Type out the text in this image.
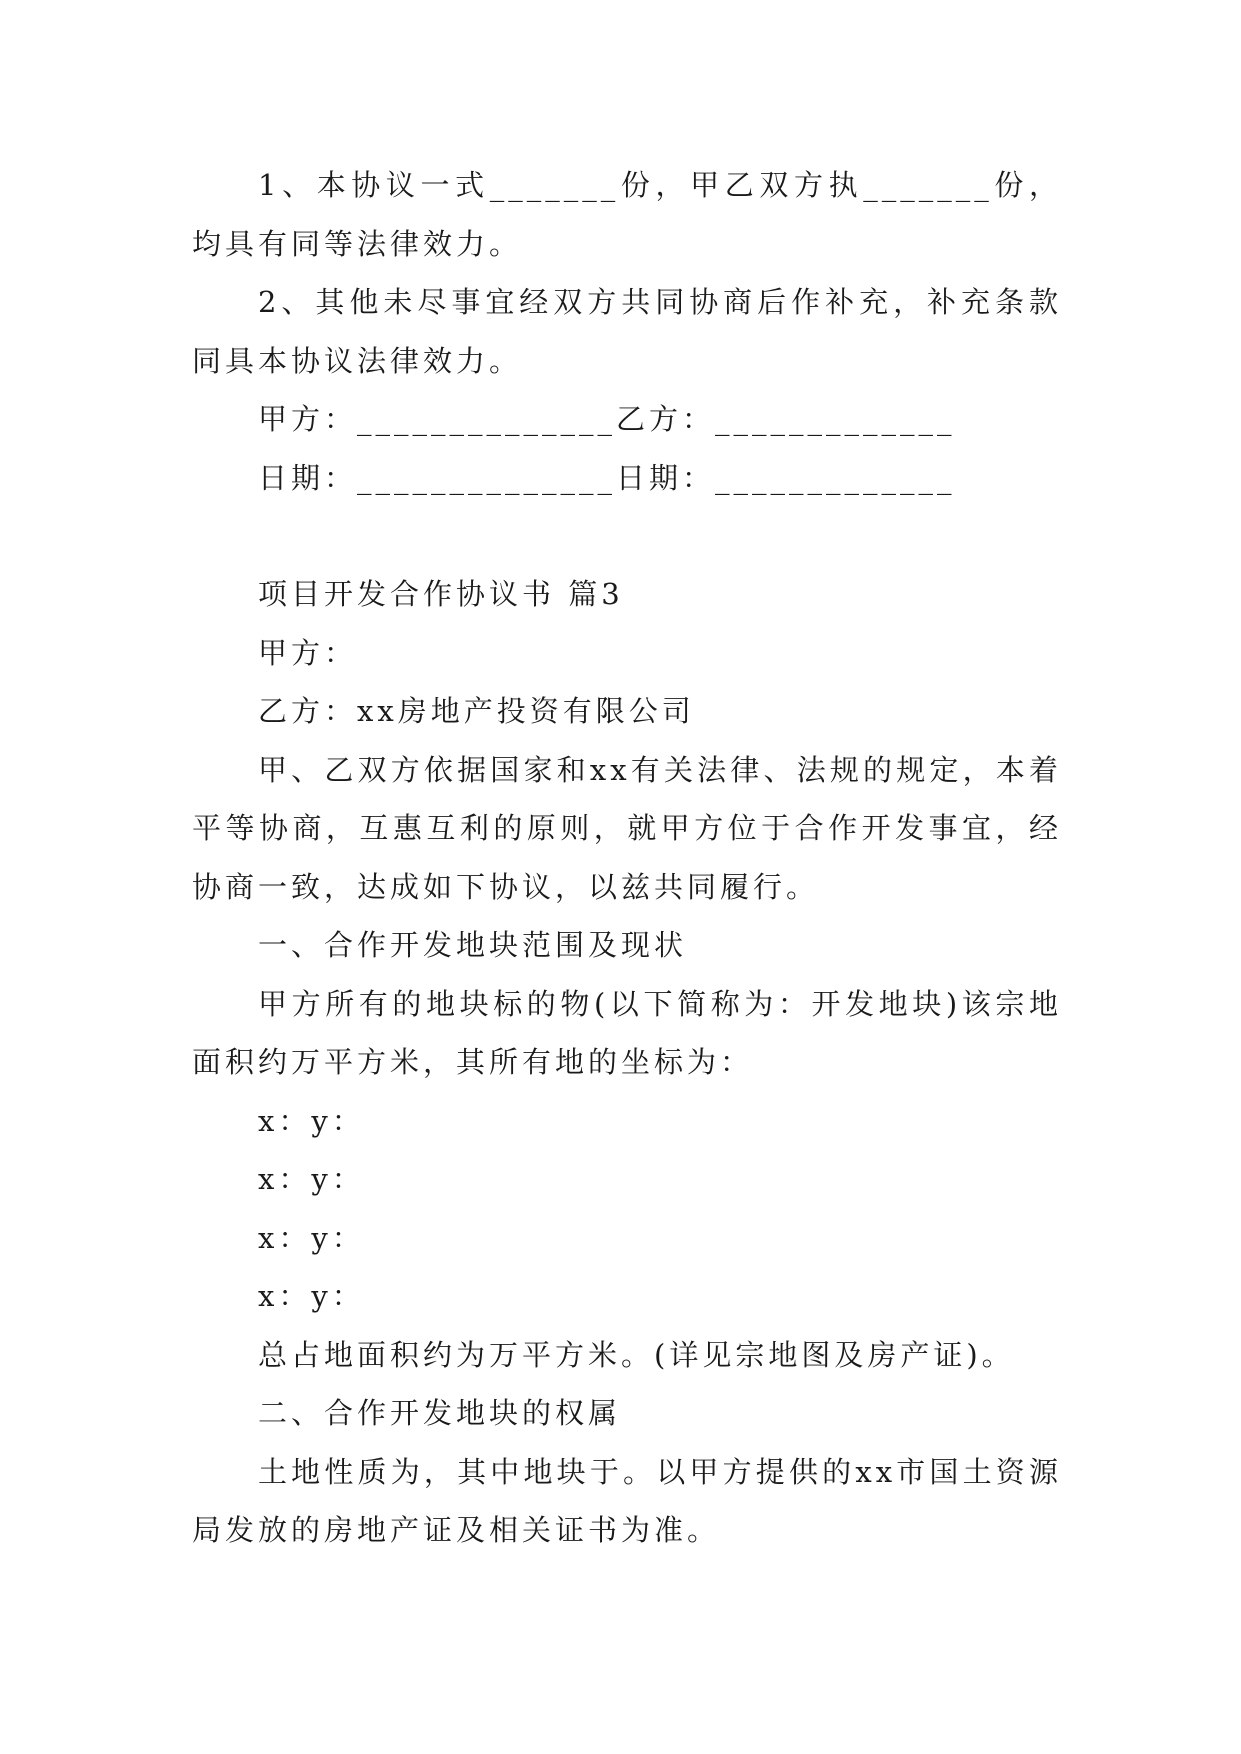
1、本协议一式_______份，甲乙双方执_______份，均具有同等法律效力。

2、其他未尽事宜经双方共同协商后作补充，补充条款同具本协议法律效力。

甲方：______________乙方：_____________

日期：______________日期：_____________

项目开发合作协议书 篇3

甲方：

乙方：xx房地产投资有限公司

甲、乙双方依据国家和xx有关法律、法规的规定，本着平等协商，互惠互利的原则，就甲方位于合作开发事宜，经协商一致，达成如下协议，以兹共同履行。

一、合作开发地块范围及现状

甲方所有的地块标的物(以下简称为：开发地块)该宗地面积约万平方米，其所有地的坐标为：

x：y：

x：y：

x：y：

x：y：

总占地面积约为万平方米。(详见宗地图及房产证)。

二、合作开发地块的权属

土地性质为，其中地块于。以甲方提供的xx市国土资源局发放的房地产证及相关证书为准。
